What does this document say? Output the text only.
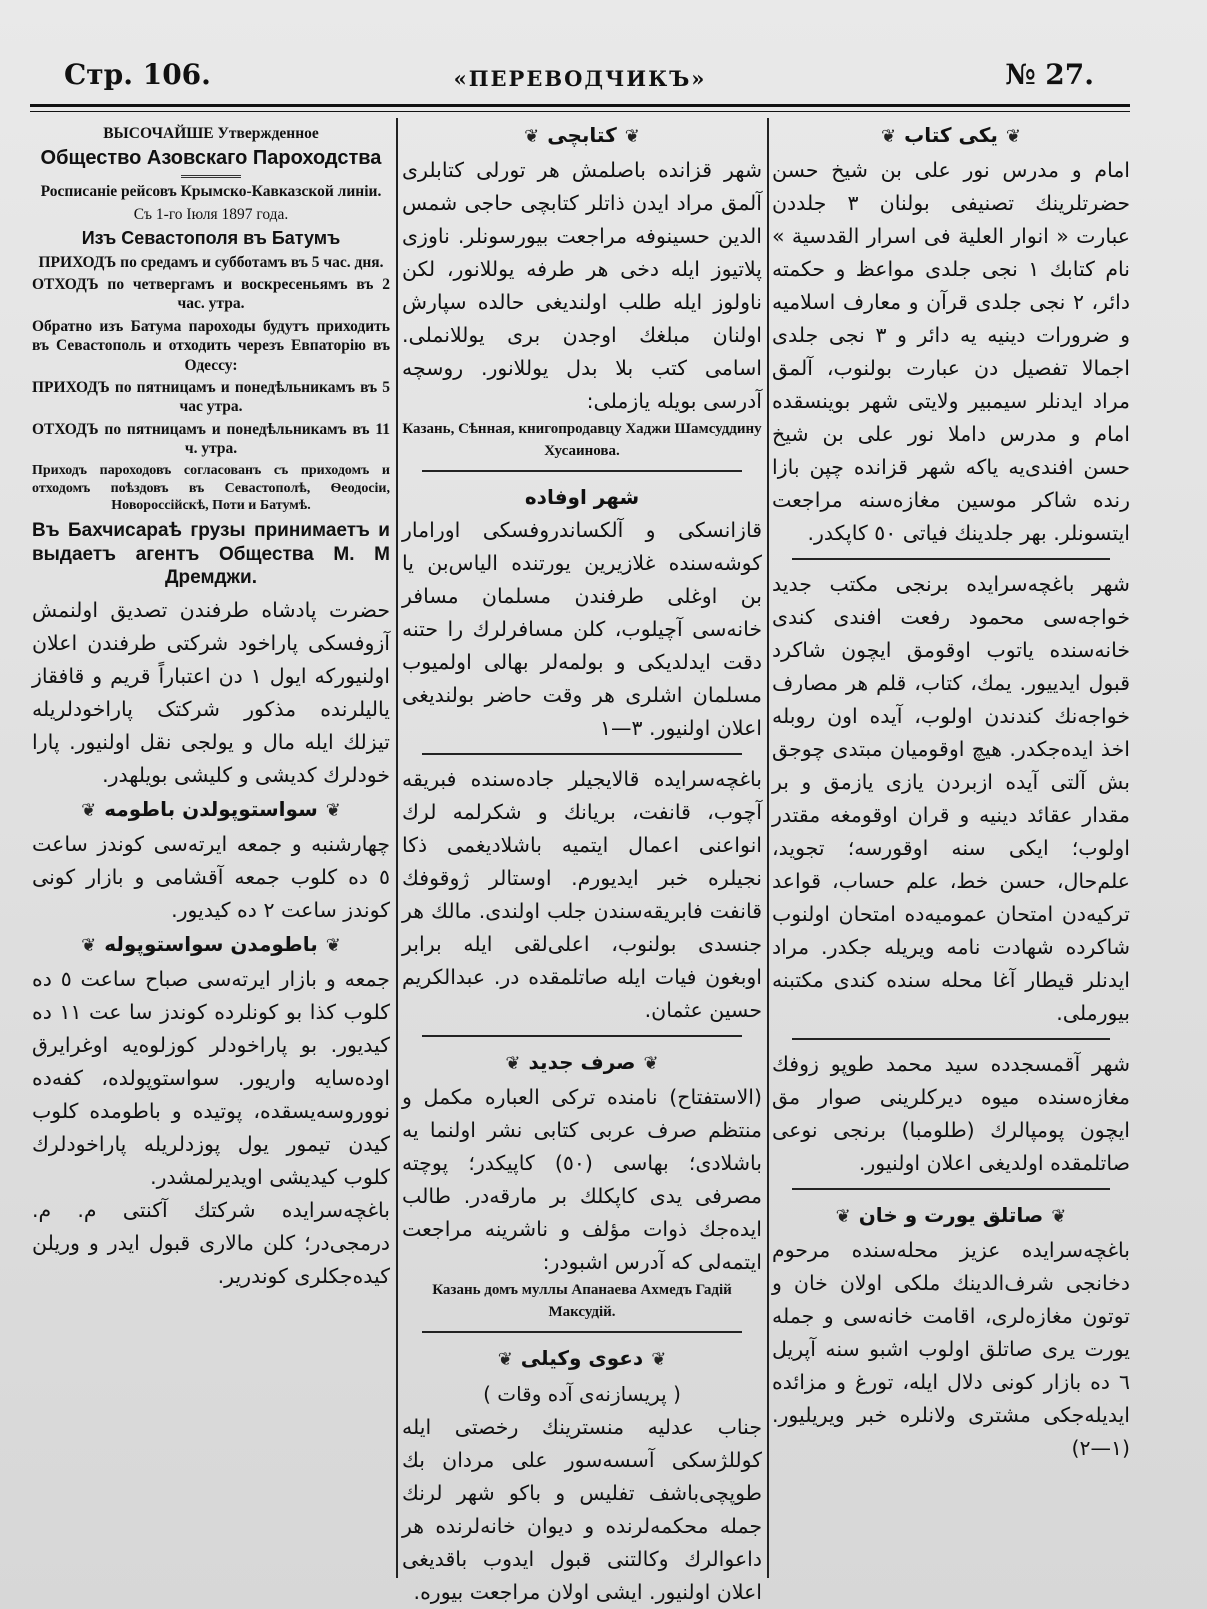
Стр. 106.	«ПЕРЕВОДЧИКЪ»	№ 27.
ВЫСОЧАЙШЕ Утвержденное
Общество Азовскаго Пароходства
Росписаніе рейсовъ Крымско-Кавказской линіи.
Съ 1-го Іюля 1897 года.
Изъ Севастополя въ Батумъ
ПРИХОДЪ по средамъ и субботамъ въ 5 час. дня.
ОТХОДЪ по четвергамъ и воскресеньямъ въ 2 час. утра.
Обратно изъ Батума пароходы будутъ приходить въ Севастополь и отходить черезъ Евпаторію въ Одессу:
ПРИХОДЪ по пятницамъ и понедѣльникамъ въ 5 час утра.
ОТХОДЪ по пятницамъ и понедѣльникамъ въ 11 ч. утра.
Приходъ пароходовъ согласованъ съ приходомъ и отходомъ поѣздовъ въ Севастополѣ, Ѳеодосіи, Новороссійскѣ, Поти и Батумѣ.
Въ Бахчисараѣ грузы принимаетъ и выдаетъ агентъ Общества М. М Дремджи.
حضرت پادشاه طرفندن تصدیق اولنمش آزوفسکی پاراخود شرکتی طرفندن اعلان اولنیورکه ایول ۱ دن اعتباراً قریم و قافقاز یالیلرنده مذکور شرکتک پاراخودلریله تیزلك ایله مال و یولجی نقل اولنیور. پارا خودلرك کدیشی و کلیشی بویلهدر.
❦سواستوپولدن باطومه❦
چهارشنبه و جمعه ایرته‌سی کوندز ساعت ٥ ده کلوب جمعه آقشامی و بازار کونی کوندز ساعت ۲ ده کیدیور.
❦باطومدن سواستوپوله❦
جمعه و بازار ایرته‌سی صباح ساعت ٥ ده کلوب کذا بو کونلرده کوندز سا عت ۱۱ ده کیدیور. بو پاراخودلر کوزلوه‌یه اوغرایرق اوده‌سایه واریور. سواستوپولده، کفه‌ده نووروسه‌یسقده، پوتیده و باطومده کلوب کیدن تیمور یول پوزدلریله پاراخودلرك کلوب کیدیشی اویدیرلمشدر.
باغچه‌سرایده شرکتك آکنتی م. م. درمجی‌در؛ کلن مالاری قبول ایدر و وریلن کیده‌جکلری کوندریر.
❦کتابچی❦
شهر قزانده باصلمش هر تورلی کتابلری آلمق مراد ایدن ذاتلر کتابچی حاجی شمس الدین حسینوفه مراجعت بیورسونلر. ناوزی پلاتیوز ایله دخی هر طرفه یوللانور، لکن ناولوز ایله طلب اولندیغی حالده سپارش اولنان مبلغك اوجدن بری یوللانملی. اسامی کتب بلا بدل یوللانور. روسچه آدرسی بویله یازملی:
Казань, Сѣнная, книгопродавцу Хаджи Шамсуддину Хусаинова.
شهر اوفاده
قازانسکی و آلکساندروفسکی اورامار کوشه‌سنده غلازیرین یورتنده الیاس‌بن یا بن اوغلی طرفندن مسلمان مسافر خانه‌سی آچیلوب، کلن مسافرلرك را حتنه دقت ایدلدیکی و بولمه‌لر بهالی اولمیوب مسلمان اشلری هر وقت حاضر بولندیغی اعلان اولنیور. ۳—۱
باغچه‌سرایده قالایجیلر جاده‌سنده فبریقه آچوب، قانفت، بریانك و شکرلمه لرك انواعنی اعمال ایتمیه باشلادیغمی ذکا نجیلره خبر ایدیورم. اوستالر ژوقوفك قانفت فابریقه‌سندن جلب اولندی. مالك هر جنسدی بولنوب، اعلی‌لقی ایله برابر اوبغون فیات ایله صاتلمقده در. عبدالکریم حسین عثمان.
❦صرف جدید❦
(الاستفتاح) نامنده ترکی العباره مکمل و منتظم صرف عربی کتابی نشر اولنما یه باشلادی؛ بهاسی (٥٠) کاپیکدر؛ پوچته مصرفی یدی کاپکلك بر مارقه‌در. طالب ایده‌جك ذوات مؤلف و ناشرینه مراجعت ایتمه‌لی که آدرس اشبودر:
Казань домъ муллы Апанаева Ахмедъ Гадій Максудій.
❦دعوی وکیلی❦
( پریسازنه‌ی آده وقات )
جناب عدلیه منسترینك رخصتی ایله کوللژسکی آسسه‌سور علی مردان بك طوپچی‌باشف تفلیس و باکو شهر لرنك جمله محکمه‌لرنده و دیوان خانه‌لرنده هر داعوالرك وکالتنی قبول ایدوب باقدیغی اعلان اولنیور. ایشی اولان مراجعت بیوره.
❦یکی کتاب❦
امام و مدرس نور علی بن شیخ حسن حضرتلرینك تصنیفی بولنان ۳ جلددن عبارت « انوار العلیة فی اسرار القدسیة » نام کتابك ۱ نجی جلدی مواعظ و حکمته دائر، ۲ نجی جلدی قرآن و معارف اسلامیه و ضرورات دینیه یه دائر و ۳ نجی جلدی اجمالا تفصیل دن عبارت بولنوب، آلمق مراد ایدنلر سیمبیر ولایتی شهر بوینسقده امام و مدرس داملا نور علی بن شیخ حسن افندی‌یه یاکه شهر قزانده چپن بازا رنده شاکر موسین مغازه‌سنه مراجعت ایتسونلر. بهر جلدینك فیاتی ٥٠ کاپکدر.
شهر باغچه‌سرایده برنجی مکتب جدید خواجه‌سی محمود رفعت افندی کندی خانه‌سنده یاتوب اوقومق ایچون شاکرد قبول ایدییور. یمك، کتاب، قلم هر مصارف خواجه‌نك کندندن اولوب، آیده اون روبله اخذ ایده‌جکدر. هیچ اوقومیان مبتدی چوجق بش آلتی آیده ازبردن یازی یازمق و بر مقدار عقائد دینیه و قران اوقومغه مقتدر اولوب؛ ایکی سنه اوقورسه؛ تجوید، علم‌حال، حسن خط، علم حساب، قواعد ترکیه‌دن امتحان عمومیه‌ده امتحان اولنوب شاکرده شهادت نامه ویریله جکدر. مراد ایدنلر قیطار آغا محله سنده کندی مکتبنه بیورملی.
شهر آقمسجدده سید محمد طوپو زوفك مغازه‌سنده میوه دیرکلرینی صوار مق ایچون پومپالرك (طلومبا) برنجی نوعی صاتلمقده اولدیغی اعلان اولنیور.
❦صاتلق یورت و خان❦
باغچه‌سرایده عزیز محله‌سنده مرحوم دخانجی شرف‌الدینك ملکی اولان خان و توتون مغازه‌لری، اقامت خانه‌سی و جمله یورت یری صاتلق اولوب اشبو سنه آپریل ٦ ده بازار کونی دلال ایله، تورغ و مزائده ایدیله‌جکی مشتری ولانلره خبر ویریلیور. (۱—۲)
